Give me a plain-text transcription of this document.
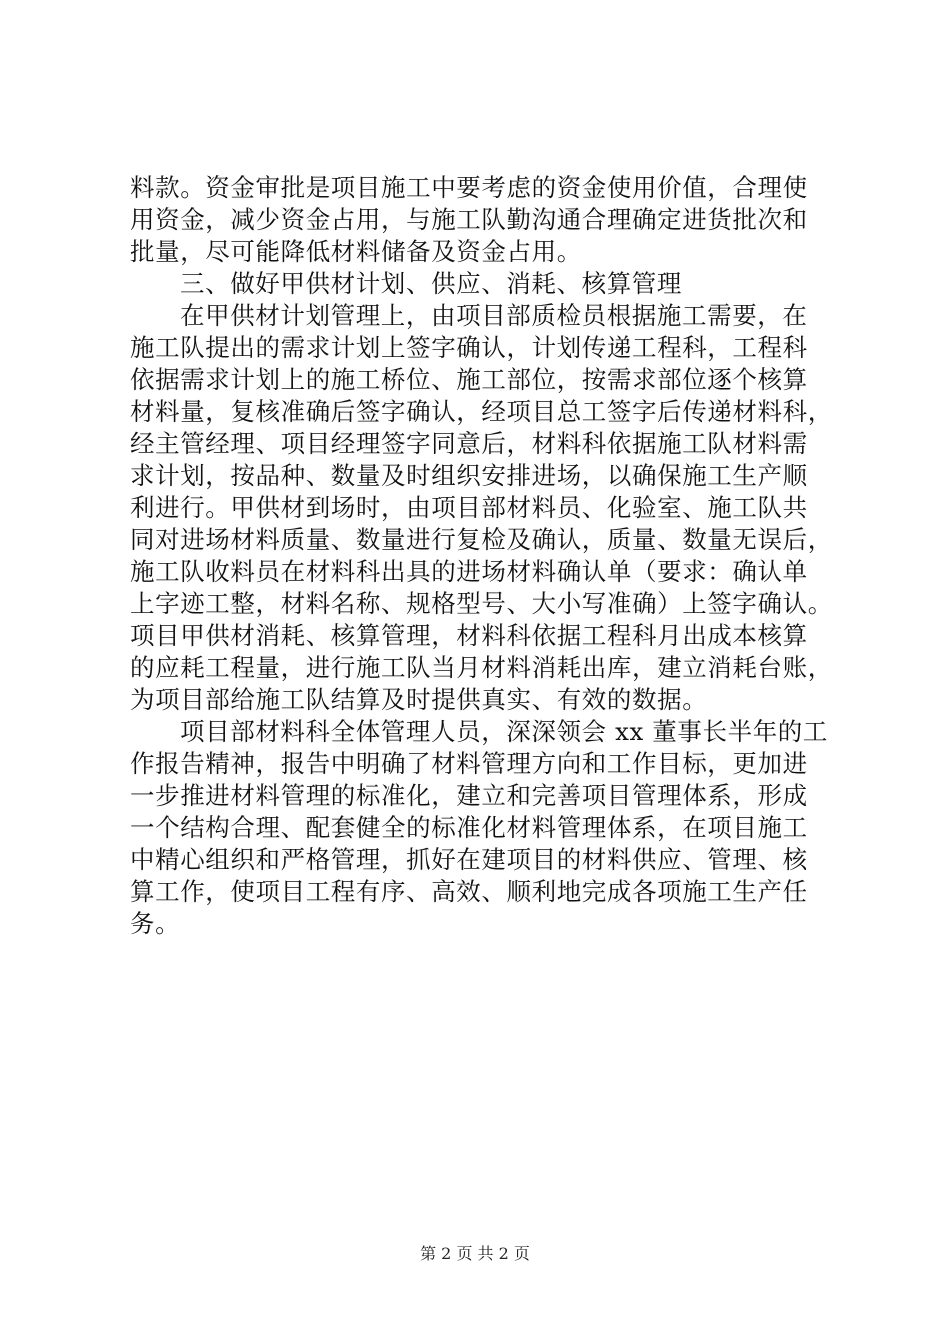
料款。资金审批是项目施工中要考虑的资金使用价值，合理使
用资金，减少资金占用，与施工队勤沟通合理确定进货批次和
批量，尽可能降低材料储备及资金占用。
三、做好甲供材计划、供应、消耗、核算管理
在甲供材计划管理上，由项目部质检员根据施工需要，在
施工队提出的需求计划上签字确认，计划传递工程科，工程科
依据需求计划上的施工桥位、施工部位，按需求部位逐个核算
材料量，复核准确后签字确认，经项目总工签字后传递材料科，
经主管经理、项目经理签字同意后，材料科依据施工队材料需
求计划，按品种、数量及时组织安排进场，以确保施工生产顺
利进行。甲供材到场时，由项目部材料员、化验室、施工队共
同对进场材料质量、数量进行复检及确认，质量、数量无误后，
施工队收料员在材料科出具的进场材料确认单（要求：确认单
上字迹工整，材料名称、规格型号、大小写准确）上签字确认。
项目甲供材消耗、核算管理，材料科依据工程科月出成本核算
的应耗工程量，进行施工队当月材料消耗出库，建立消耗台账，
为项目部给施工队结算及时提供真实、有效的数据。
项目部材料科全体管理人员，深深领会 xx 董事长半年的工
作报告精神，报告中明确了材料管理方向和工作目标，更加进
一步推进材料管理的标准化，建立和完善项目管理体系，形成
一个结构合理、配套健全的标准化材料管理体系，在项目施工
中精心组织和严格管理，抓好在建项目的材料供应、管理、核
算工作，使项目工程有序、高效、顺利地完成各项施工生产任
务。
第 2 页 共 2 页
